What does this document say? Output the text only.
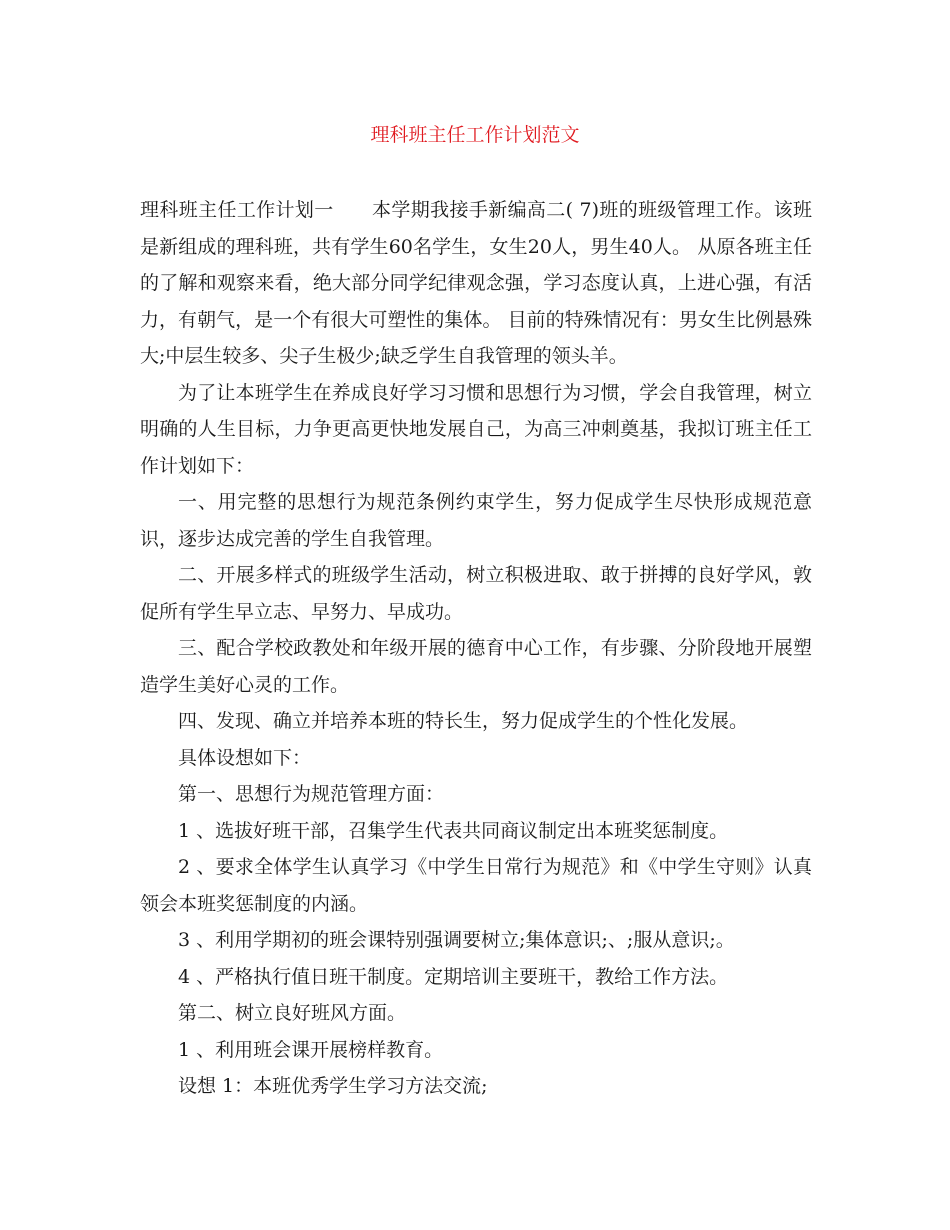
理科班主任工作计划范文

理科班主任工作计划一 本学期我接手新编高二( 7)班的班级管理工作。该班是新组成的理科班，共有学生60名学生，女生20人，男生40人。 从原各班主任的了解和观察来看，绝大部分同学纪律观念强，学习态度认真，上进心强，有活力，有朝气，是一个有很大可塑性的集体。 目前的特殊情况有：男女生比例悬殊大;中层生较多、尖子生极少;缺乏学生自我管理的领头羊。

为了让本班学生在养成良好学习习惯和思想行为习惯，学会自我管理，树立明确的人生目标，力争更高更快地发展自己，为高三冲刺奠基，我拟订班主任工作计划如下：

一、用完整的思想行为规范条例约束学生，努力促成学生尽快形成规范意识，逐步达成完善的学生自我管理。

二、开展多样式的班级学生活动，树立积极进取、敢于拼搏的良好学风，敦促所有学生早立志、早努力、早成功。

三、配合学校政教处和年级开展的德育中心工作，有步骤、分阶段地开展塑造学生美好心灵的工作。

四、发现、确立并培养本班的特长生，努力促成学生的个性化发展。

具体设想如下：

第一、思想行为规范管理方面：

1 、选拔好班干部，召集学生代表共同商议制定出本班奖惩制度。

2 、要求全体学生认真学习《中学生日常行为规范》和《中学生守则》认真领会本班奖惩制度的内涵。

3 、利用学期初的班会课特别强调要树立;集体意识;、;服从意识;。

4 、严格执行值日班干制度。定期培训主要班干，教给工作方法。

第二、树立良好班风方面。

1 、利用班会课开展榜样教育。

设想 1：本班优秀学生学习方法交流;
